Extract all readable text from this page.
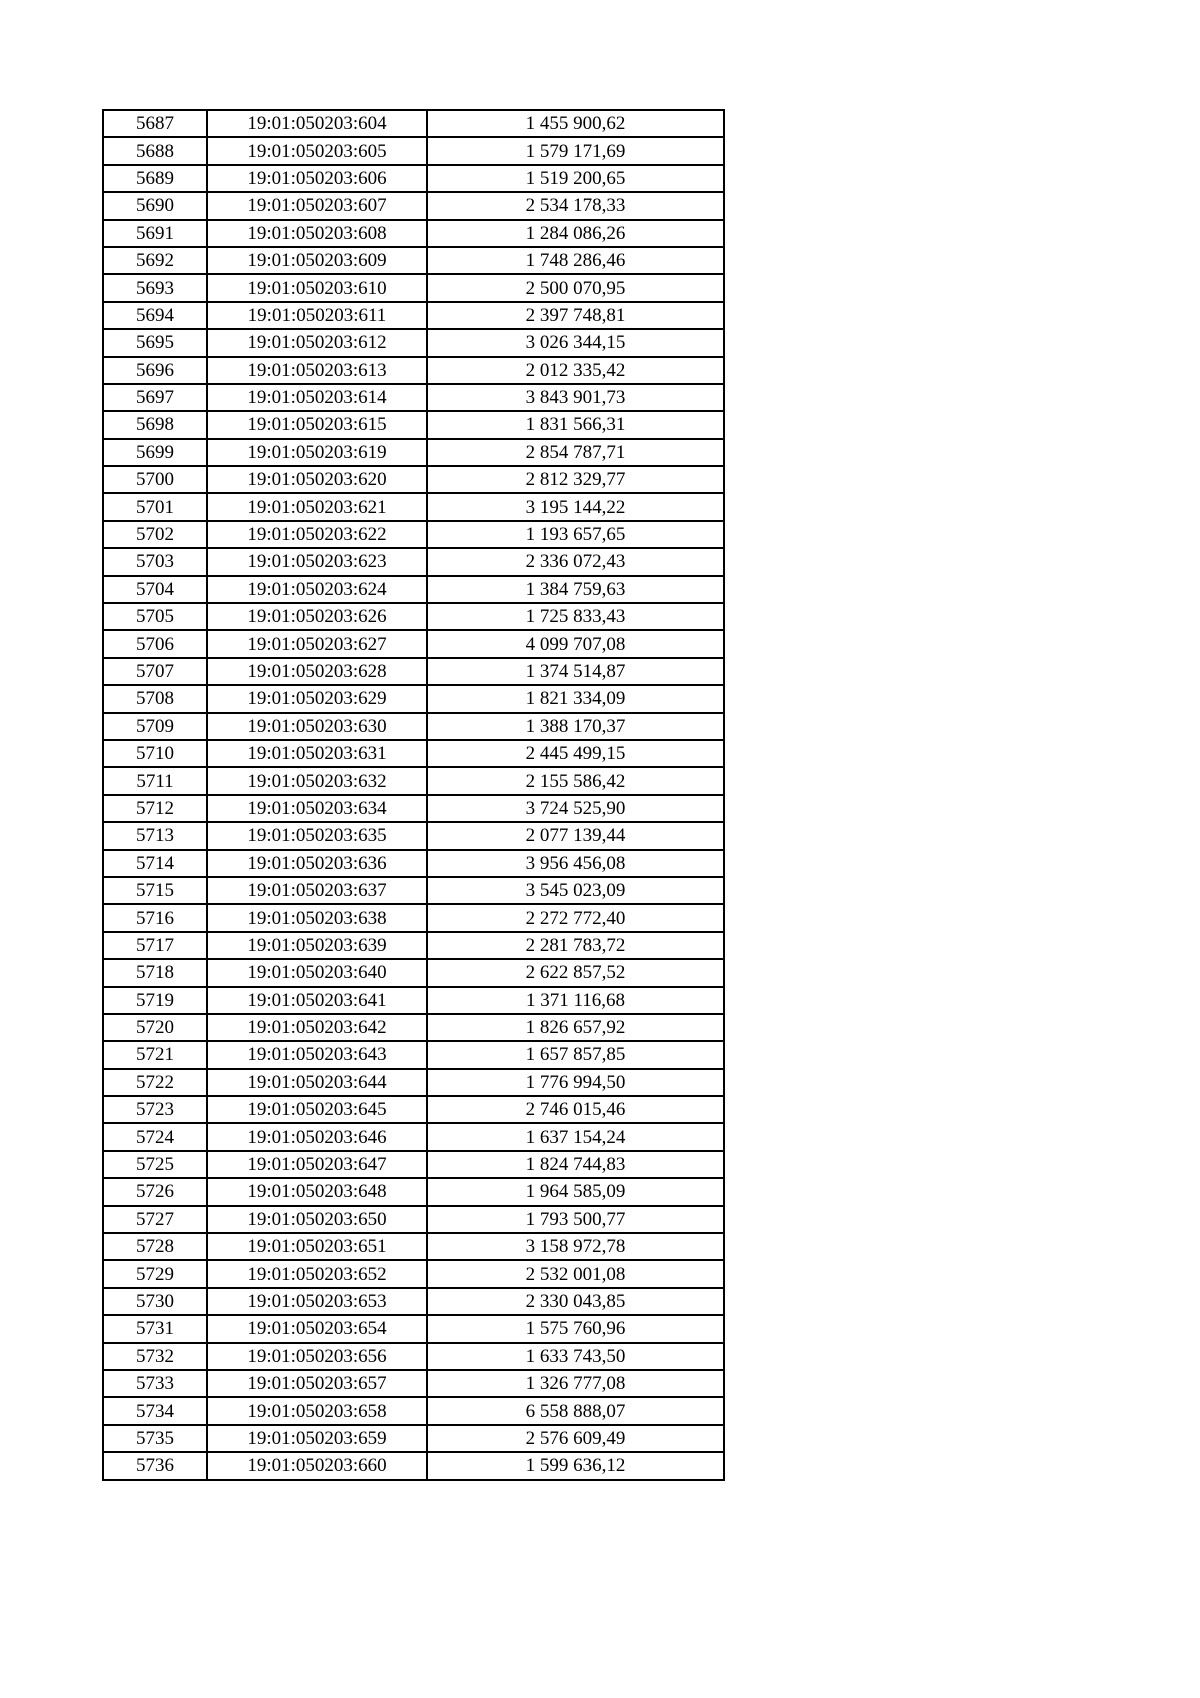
5687	19:01:050203:604	1 455 900,62
5688	19:01:050203:605	1 579 171,69
5689	19:01:050203:606	1 519 200,65
5690	19:01:050203:607	2 534 178,33
5691	19:01:050203:608	1 284 086,26
5692	19:01:050203:609	1 748 286,46
5693	19:01:050203:610	2 500 070,95
5694	19:01:050203:611	2 397 748,81
5695	19:01:050203:612	3 026 344,15
5696	19:01:050203:613	2 012 335,42
5697	19:01:050203:614	3 843 901,73
5698	19:01:050203:615	1 831 566,31
5699	19:01:050203:619	2 854 787,71
5700	19:01:050203:620	2 812 329,77
5701	19:01:050203:621	3 195 144,22
5702	19:01:050203:622	1 193 657,65
5703	19:01:050203:623	2 336 072,43
5704	19:01:050203:624	1 384 759,63
5705	19:01:050203:626	1 725 833,43
5706	19:01:050203:627	4 099 707,08
5707	19:01:050203:628	1 374 514,87
5708	19:01:050203:629	1 821 334,09
5709	19:01:050203:630	1 388 170,37
5710	19:01:050203:631	2 445 499,15
5711	19:01:050203:632	2 155 586,42
5712	19:01:050203:634	3 724 525,90
5713	19:01:050203:635	2 077 139,44
5714	19:01:050203:636	3 956 456,08
5715	19:01:050203:637	3 545 023,09
5716	19:01:050203:638	2 272 772,40
5717	19:01:050203:639	2 281 783,72
5718	19:01:050203:640	2 622 857,52
5719	19:01:050203:641	1 371 116,68
5720	19:01:050203:642	1 826 657,92
5721	19:01:050203:643	1 657 857,85
5722	19:01:050203:644	1 776 994,50
5723	19:01:050203:645	2 746 015,46
5724	19:01:050203:646	1 637 154,24
5725	19:01:050203:647	1 824 744,83
5726	19:01:050203:648	1 964 585,09
5727	19:01:050203:650	1 793 500,77
5728	19:01:050203:651	3 158 972,78
5729	19:01:050203:652	2 532 001,08
5730	19:01:050203:653	2 330 043,85
5731	19:01:050203:654	1 575 760,96
5732	19:01:050203:656	1 633 743,50
5733	19:01:050203:657	1 326 777,08
5734	19:01:050203:658	6 558 888,07
5735	19:01:050203:659	2 576 609,49
5736	19:01:050203:660	1 599 636,12
